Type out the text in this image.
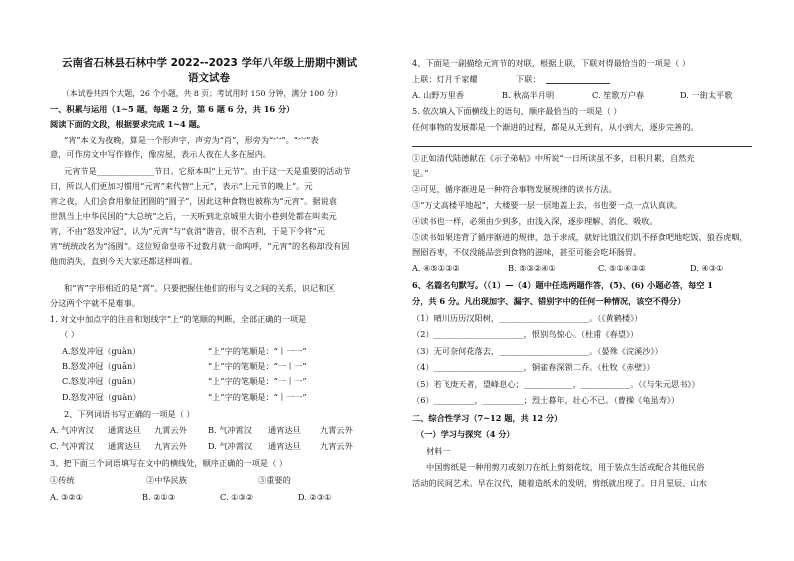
云南省石林县石林中学 2022--2023 学年八年级上册期中测试
语文试卷
（本试卷共四个大题，26 个小题，共 8 页；考试用时 150 分钟，满分 100 分）
一、积累与运用（1~5 题，每题 2 分，第 6 题 6 分，共 16 分）
阅读下面的文段，根据要求完成 1~4 题。
“宵”本义为夜晚，算是一个形声字，声旁为“肖”，形旁为“宀”。“宀”表
意，可作房文中写作修作，像房屋，表示人夜在人多在屋内。
元宵节是______________节日。它原本叫“上元节”。由于这一天是重要的活动节
日，所以人们更加习惯用“元宵”来代替“上元”，表示“上元节的晚上”。元
宵之夜，人们会食用象征团圆的“圆子”，因此这种食物也被称为“元宵”。据说袁
世凯当上中华民国的“大总统”之后，一天听到北京城里大街小巷到处都在叫卖元
宵，不由“怒发冲冠”，认为“元宵”与“袁消”谐音，很不吉利，于是下令将“元
宵”统统改名为“汤圆”。这位短命皇帝不过数月就一命呜呼，“元宵”的名称却没有因
他而消失，直到今天大家还都这样叫着。
和“宵”字形相近的是“霄”。只要把握住他们的形与义之间的关系，识记和区
分这两个字就不是难事。
1. 对文中加点字的注音和划线字“上”的笔顺的判断，全部正确的一项是
（ ）
A.怒发冲冠（guàn）	“上”字的笔顺是：“丨一一”
B.怒发冲冠（guān）	“上”字的笔顺是：“一丨一”
C.怒发冲冠（guān）	“上”字的笔顺是：“一丨一”
D.怒发冲冠（guàn）	“上”字的笔顺是：“丨一一”
2、下列词语书写正确的一项是（ ）
A. 气冲宵汉 通霄达旦 九霄云外	B. 气冲霄汉 通宵达旦 九霄云外
C. 气冲霄汉 通霄达旦 九宵云外	D. 气冲霄汉 通宵达旦 九宵云外
3、把下面三个词语填写在文中的横线处，顺序正确的一项是（ ）
①传统	②中华民族	③重要的
A. ③②①	B. ②①③	C. ①③②	D. ②③①
4、下面是一副描绘元宵节的对联，根据上联，下联对得最恰当的一项是（ ）
上联：灯月千家耀	下联：
A. 山野万里香	B. 秋高半月明	C. 笙歌万户春	D. 一街太平歌
5. 依次填入下面横线上的语句，顺序最恰当的一项是（ ）
任何事物的发展都是一个渐进的过程，都是从无到有，从小到大，逐步完善的。
①正如清代陆德献在《示子弟帖》中所说“一日所读虽不多，日积月累，自然充
足。”
②可见，循序渐进是一种符合事物发展规律的读书方法。
③“万丈高楼平地起”，大楼要一层一层地盖上去，书也要一点一点认真读。
④读书也一样，必须由少到多，由浅入深，逐步理解、消化、吸收。
⑤读书如果违背了循序渐进的规律，急于求成，就好比饿汉们饥不择食吧地吃饭，狼吞虎咽，
囫囵吞枣，不仅没能品尝到食物的滋味，甚至可能会吃坏肠胃。
A. ④⑤①③②	B. ⑤③②④①	C. ⑤①④③②	D. ④③①
6、名篇名句默写。（（1）—（4）题中任选两题作答，(5)、(6) 小题必答，每空 1
分，共 6 分。凡出现加字、漏字、错别字中的任何一种情况，该空不得分）
（1）晴川历历汉阳树，______________________。（《黄鹤楼》）
（2）______________________，恨别鸟惊心。（杜甫《春望》）
（3）无可奈何花落去，______________________。（晏殊《浣溪沙》）
（4）______________________，铜雀春深锁二乔。（杜牧《赤壁》）
（5）若飞庚天者，望峰息心；____________，____________。（《与朱元思书》）
（6）__________，__________；烈士暮年，壮心不已。（曹操《龟虽寿》）
二、综合性学习（7~12 题，共 12 分）
（一）学习与探究（4 分）
材料一
中国剪纸是一种用剪刀或刻刀在纸上剪刻花纹，用于装点生活或配合其他民俗
活动的民间艺术。早在汉代，随着造纸术的发明，剪纸就出现了。日月星辰、山水
